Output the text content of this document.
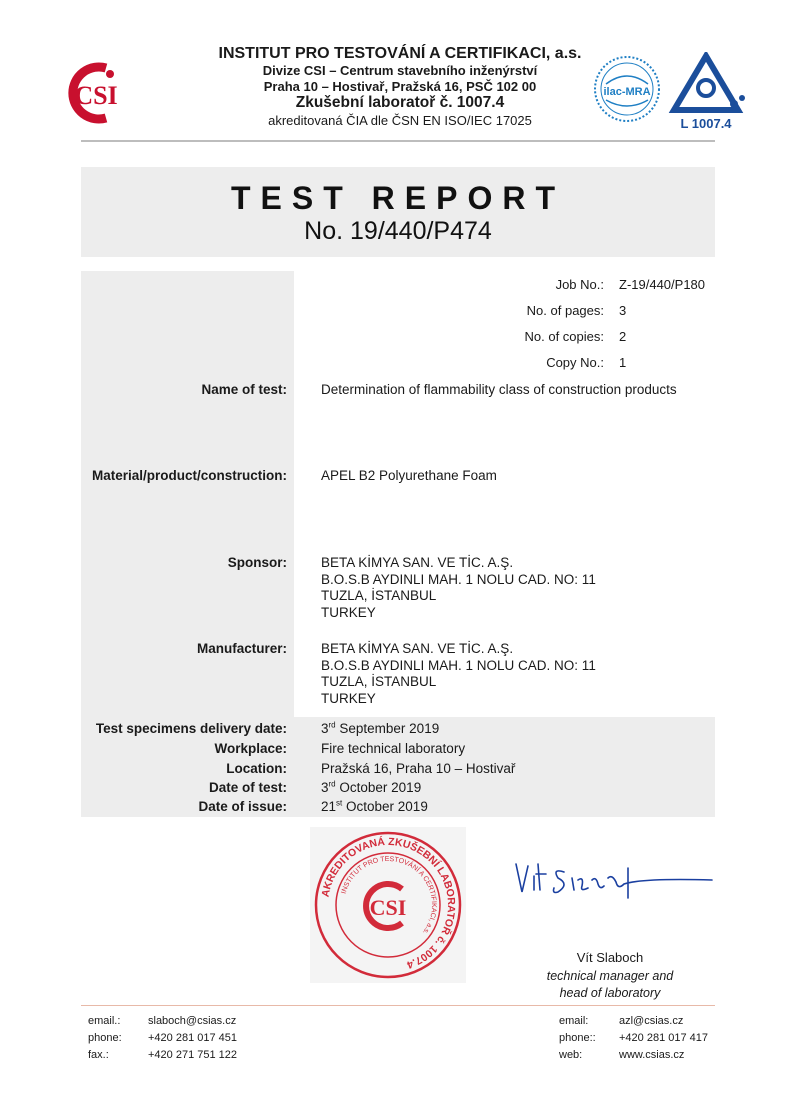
CSI
INSTITUT PRO TESTOVÁNÍ A CERTIFIKACI, a.s.
Divize CSI – Centrum stavebního inženýrství
Praha 10 – Hostivař, Pražská 16, PSČ 102 00
Zkušební laboratoř č. 1007.4
akreditovaná ČIA dle ČSN EN ISO/IEC 17025
ilac-MRA
L 1007.4
TEST REPORT
No. 19/440/P474
Job No.: Z-19/440/P180
No. of pages: 3
No. of copies: 2
Copy No.: 1
Name of test:	Determination of flammability class of construction products
Material/product/construction:	APEL B2 Polyurethane Foam
Sponsor:	BETA KİMYA SAN. VE TİC. A.Ş.
B.O.S.B AYDINLI MAH. 1 NOLU CAD. NO: 11
TUZLA, İSTANBUL
TURKEY
Manufacturer:	BETA KİMYA SAN. VE TİC. A.Ş.
B.O.S.B AYDINLI MAH. 1 NOLU CAD. NO: 11
TUZLA, İSTANBUL
TURKEY
Test specimens delivery date:	3rd September 2019
Workplace:	Fire technical laboratory
Location:	Pražská 16, Praha 10 – Hostivař
Date of test:	3rd October 2019
Date of issue:	21st October 2019
AKREDITOVANÁ ZKUŠEBNÍ LABORATOŘ č. 1007.4
INSTITUT PRO TESTOVÁNÍ A CERTIFIKACI, a.s.
CSI
Vít Slaboch
technical manager and
head of laboratory
email.:	slaboch@csias.cz
phone: +420 281 017 451
fax.:	+420 271 751 122
email:	azl@csias.cz
phone:: +420 281 017 417
web:	www.csias.cz
